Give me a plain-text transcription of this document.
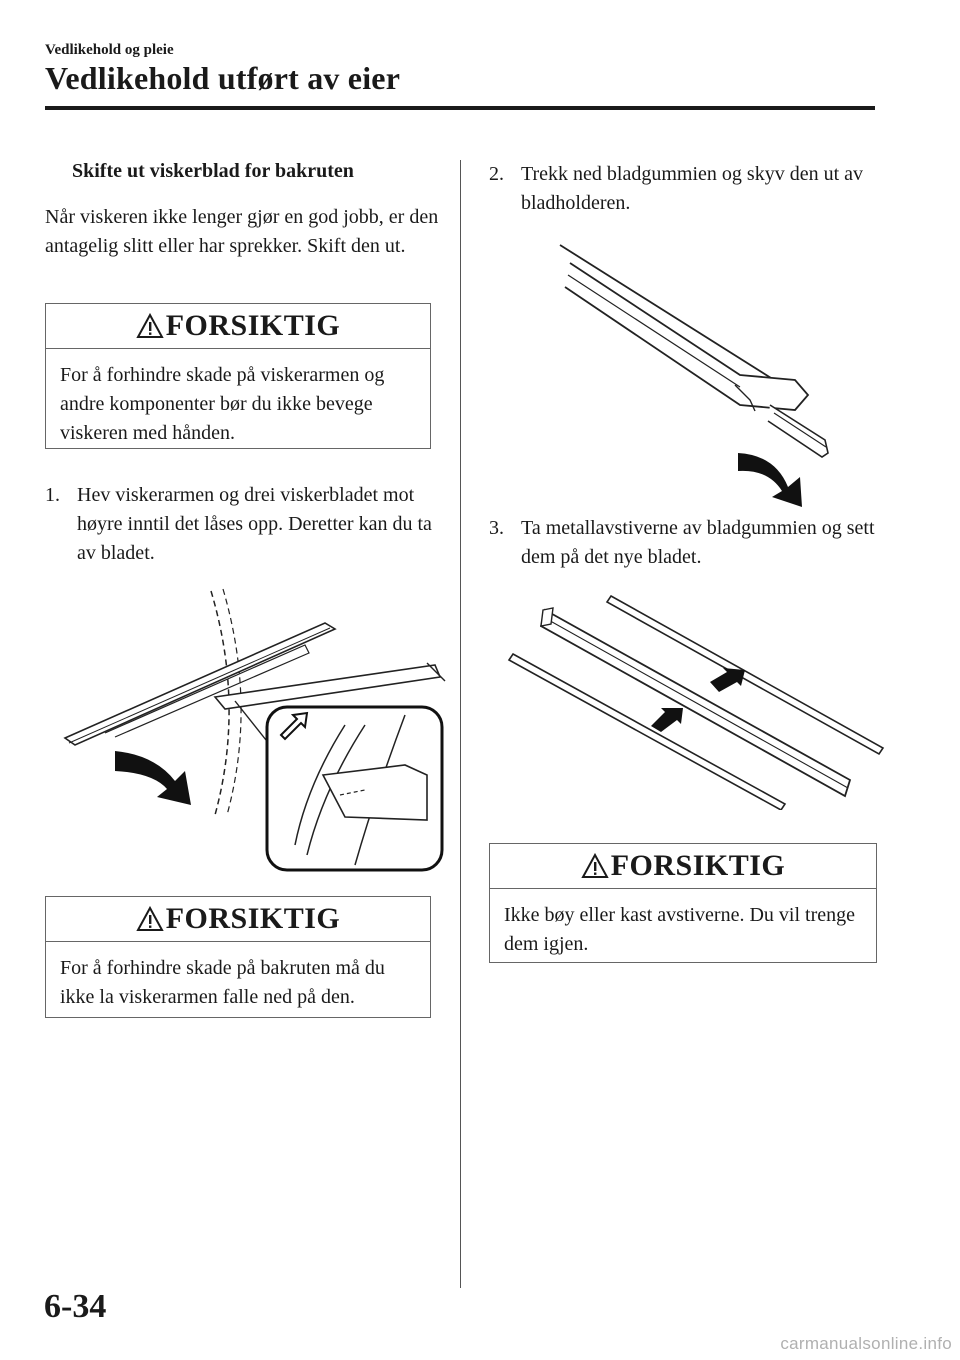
Vedlikehold og pleie
Vedlikehold utført av eier
Skifte ut viskerblad for bakruten
Når viskeren ikke lenger gjør en god jobb, er den antagelig slitt eller har sprekker. Skift den ut.
FORSIKTIG
For å forhindre skade på viskerarmen og andre komponenter bør du ikke bevege viskeren med hånden.
1. Hev viskerarmen og drei viskerbladet mot høyre inntil det låses opp. Deretter kan du ta av bladet.
FORSIKTIG
For å forhindre skade på bakruten må du ikke la viskerarmen falle ned på den.
2. Trekk ned bladgummien og skyv den ut av bladholderen.
3. Ta metallavstiverne av bladgummien og sett dem på det nye bladet.
FORSIKTIG
Ikke bøy eller kast avstiverne. Du vil trenge dem igjen.
6-34
carmanualsonline.info
